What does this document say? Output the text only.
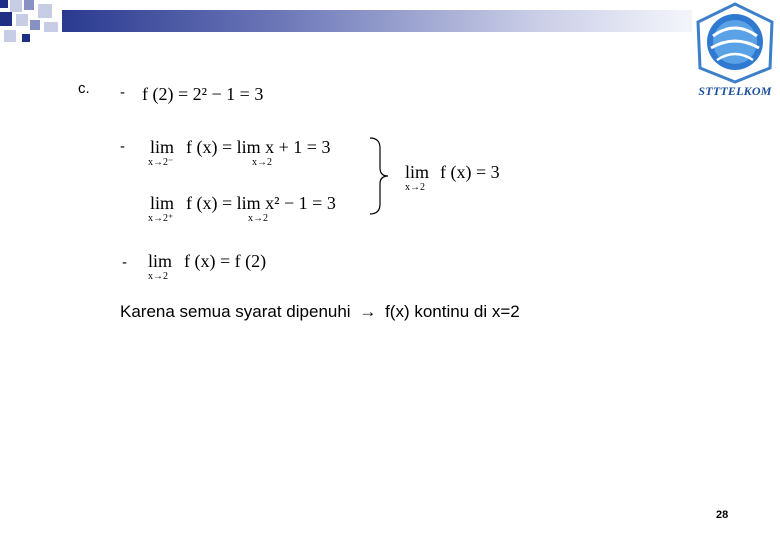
STTTELKOM
c. -
-
-
f (2) = 2² − 1 = 3
lim
x→2⁻
f (x) = lim x + 1 = 3
x→2
lim
x→2⁺
f (x) = lim x² − 1 = 3
x→2
lim
x→2
f (x) = 3
lim
x→2
f (x) = f (2)
Karena semua syarat dipenuhi → f(x) kontinu di x=2
28
